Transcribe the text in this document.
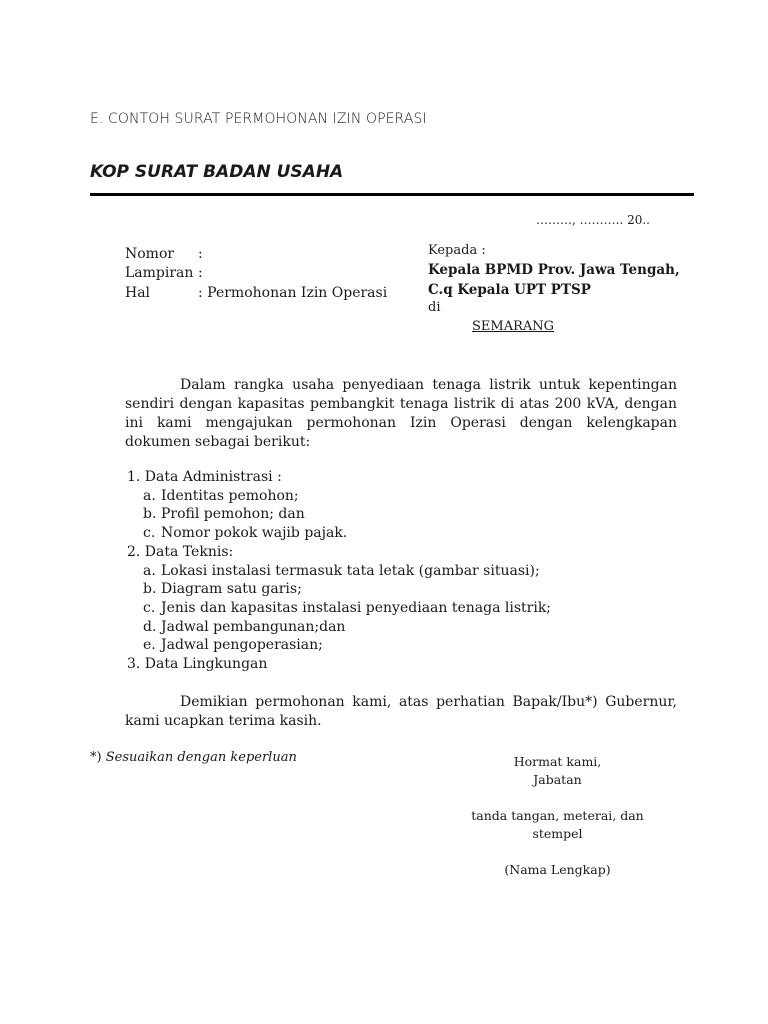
E. CONTOH SURAT PERMOHONAN IZIN OPERASI
KOP SURAT BADAN USAHA
………, ……….. 20..
Nomor :
Lampiran :
Hal	: Permohonan Izin Operasi
Kepada :
Kepala BPMD Prov. Jawa Tengah,
C.q Kepala UPT PTSP
di
SEMARANG
Dalam rangka usaha penyediaan tenaga listrik untuk kepentingan sendiri dengan kapasitas pembangkit tenaga listrik di atas 200 kVA, dengan ini kami mengajukan permohonan Izin Operasi dengan kelengkapan dokumen sebagai berikut:
1. Data Administrasi :
a. Identitas pemohon;
b. Profil pemohon; dan
c. Nomor pokok wajib pajak.
2. Data Teknis:
a. Lokasi instalasi termasuk tata letak (gambar situasi);
b. Diagram satu garis;
c. Jenis dan kapasitas instalasi penyediaan tenaga listrik;
d. Jadwal pembangunan;dan
e. Jadwal pengoperasian;
3. Data Lingkungan
Demikian permohonan kami, atas perhatian Bapak/Ibu*) Gubernur, kami ucapkan terima kasih.
*) Sesuaikan dengan keperluan	Hormat kami,
Jabatan
tanda tangan, meterai, dan
stempel
(Nama Lengkap)
